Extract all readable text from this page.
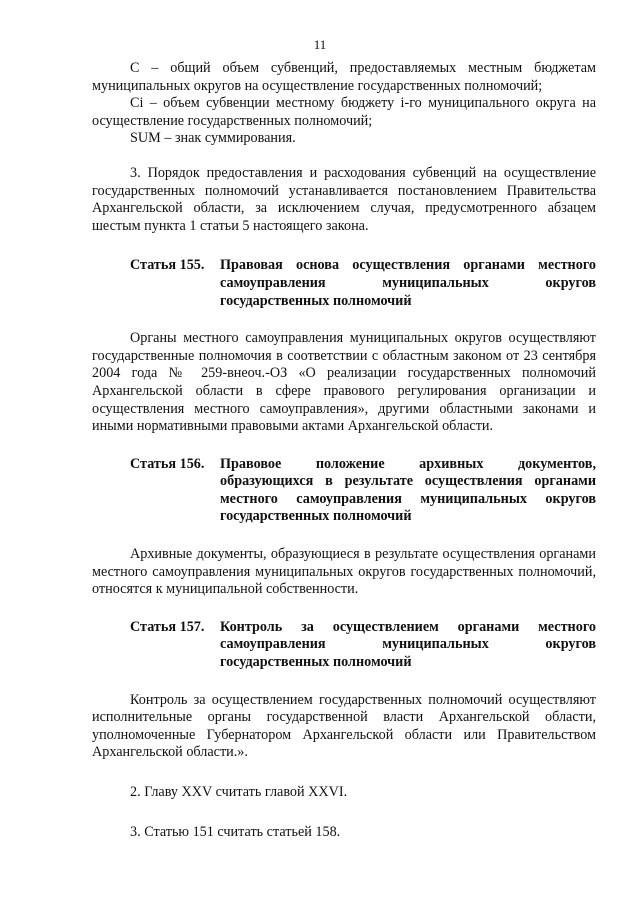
11

С – общий объем субвенций, предоставляемых местным бюджетам муниципальных округов на осуществление государственных полномочий;

Сi – объем субвенции местному бюджету i-го муниципального округа на осуществление государственных полномочий;

SUM – знак суммирования.

3. Порядок предоставления и расходования субвенций на осуществление государственных полномочий устанавливается постановлением Правительства Архангельской области, за исключением случая, предусмотренного абзацем шестым пункта 1 статьи 5 настоящего закона.

Статья 155.	Правовая основа осуществления органами местного самоуправления муниципальных округов государственных полномочий

Органы местного самоуправления муниципальных округов осуществляют государственные полномочия в соответствии с областным законом от 23 сентября 2004 года № 259-внеоч.-ОЗ «О реализации государственных полномочий Архангельской области в сфере правового регулирования организации и осуществления местного самоуправления», другими областными законами и иными нормативными правовыми актами Архангельской области.

Статья 156.	Правовое положение архивных документов, образующихся в результате осуществления органами местного самоуправления муниципальных округов государственных полномочий

Архивные документы, образующиеся в результате осуществления органами местного самоуправления муниципальных округов государственных полномочий, относятся к муниципальной собственности.

Статья 157.	Контроль за осуществлением органами местного самоуправления муниципальных округов государственных полномочий

Контроль за осуществлением государственных полномочий осуществляют исполнительные органы государственной власти Архангельской области, уполномоченные Губернатором Архангельской области или Правительством Архангельской области.».

2. Главу XXV считать главой XXVI.

3. Статью 151 считать статьей 158.
